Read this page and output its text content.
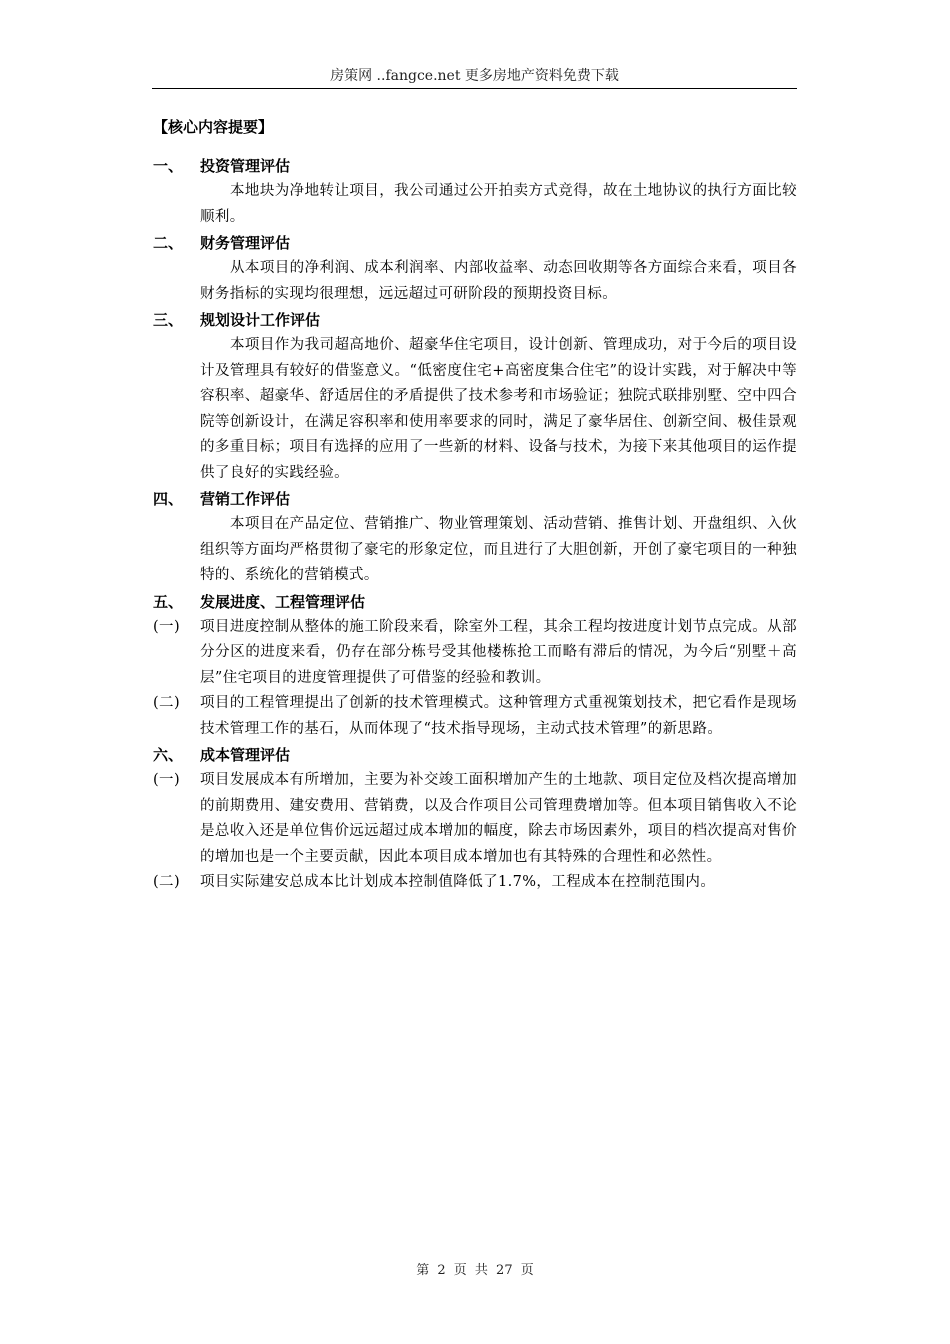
房策网 ..fangce.net 更多房地产资料免费下载
【核心内容提要】
一、	投资管理评估

本地块为净地转让项目，我公司通过公开拍卖方式竞得，故在土地协议的执行方面比较顺利。

二、	财务管理评估

从本项目的净利润、成本利润率、内部收益率、动态回收期等各方面综合来看，项目各财务指标的实现均很理想，远远超过可研阶段的预期投资目标。

三、	规划设计工作评估

本项目作为我司超高地价、超豪华住宅项目，设计创新、管理成功，对于今后的项目设计及管理具有较好的借鉴意义。“低密度住宅+高密度集合住宅”的设计实践，对于解决中等容积率、超豪华、舒适居住的矛盾提供了技术参考和市场验证；独院式联排别墅、空中四合院等创新设计，在满足容积率和使用率要求的同时，满足了豪华居住、创新空间、极佳景观的多重目标；项目有选择的应用了一些新的材料、设备与技术，为接下来其他项目的运作提供了良好的实践经验。

四、	营销工作评估

本项目在产品定位、营销推广、物业管理策划、活动营销、推售计划、开盘组织、入伙组织等方面均严格贯彻了豪宅的形象定位，而且进行了大胆创新，开创了豪宅项目的一种独特的、系统化的营销模式。

五、	发展进度、工程管理评估
(一)	项目进度控制从整体的施工阶段来看，除室外工程，其余工程均按进度计划节点完成。从部分分区的进度来看，仍存在部分栋号受其他楼栋抢工而略有滞后的情况，为今后“别墅＋高层”住宅项目的进度管理提供了可借鉴的经验和教训。
(二)	项目的工程管理提出了创新的技术管理模式。这种管理方式重视策划技术，把它看作是现场技术管理工作的基石，从而体现了“技术指导现场，主动式技术管理”的新思路。
六、	成本管理评估
(一)	项目发展成本有所增加，主要为补交竣工面积增加产生的土地款、项目定位及档次提高增加的前期费用、建安费用、营销费，以及合作项目公司管理费增加等。但本项目销售收入不论是总收入还是单位售价远远超过成本增加的幅度，除去市场因素外，项目的档次提高对售价的增加也是一个主要贡献，因此本项目成本增加也有其特殊的合理性和必然性。
(二)	项目实际建安总成本比计划成本控制值降低了1.7%，工程成本在控制范围内。
第 2 页 共 27 页
